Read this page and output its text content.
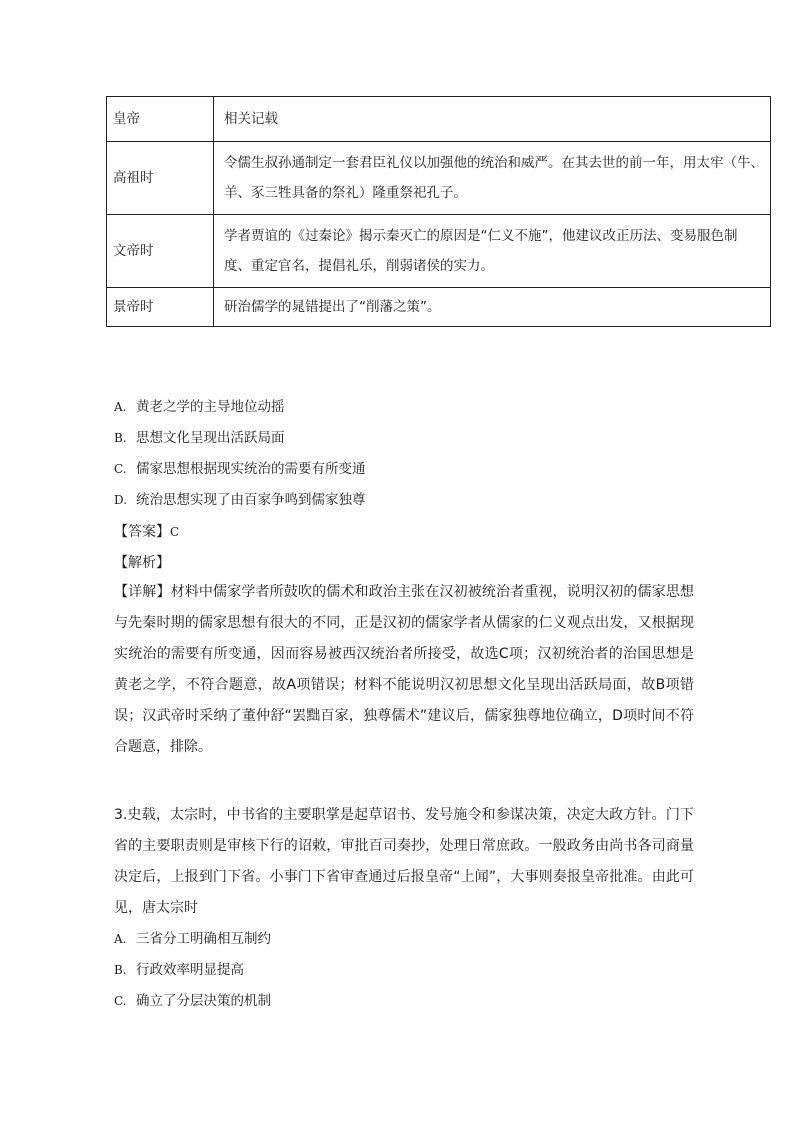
皇帝	相关记载
高祖时	令儒生叔孙通制定一套君臣礼仪以加强他的统治和威严。在其去世的前一年，用太牢（牛、羊、豕三牲具备的祭礼）隆重祭祀孔子。
文帝时	学者贾谊的《过秦论》揭示秦灭亡的原因是“仁义不施”，他建议改正历法、变易服色制度、重定官名，提倡礼乐，削弱诸侯的实力。
景帝时	研治儒学的晁错提出了“削藩之策”。
A. 黄老之学的主导地位动摇
B. 思想文化呈现出活跃局面
C. 儒家思想根据现实统治的需要有所变通
D. 统治思想实现了由百家争鸣到儒家独尊
【答案】C
【解析】
【详解】材料中儒家学者所鼓吹的儒术和政治主张在汉初被统治者重视，说明汉初的儒家思想与先秦时期的儒家思想有很大的不同，正是汉初的儒家学者从儒家的仁义观点出发，又根据现实统治的需要有所变通，因而容易被西汉统治者所接受，故选C项；汉初统治者的治国思想是黄老之学，不符合题意，故A项错误；材料不能说明汉初思想文化呈现出活跃局面，故B项错误；汉武帝时采纳了董仲舒“罢黜百家，独尊儒术”建议后，儒家独尊地位确立，D项时间不符合题意，排除。
3.史载，太宗时，中书省的主要职掌是起草诏书、发号施令和参谋决策，决定大政方针。门下省的主要职责则是审核下行的诏敕，审批百司奏抄，处理日常庶政。一般政务由尚书各司商量决定后，上报到门下省。小事门下省审查通过后报皇帝“上闻”，大事则奏报皇帝批准。由此可见，唐太宗时
A. 三省分工明确相互制约
B. 行政效率明显提高
C. 确立了分层决策的机制
